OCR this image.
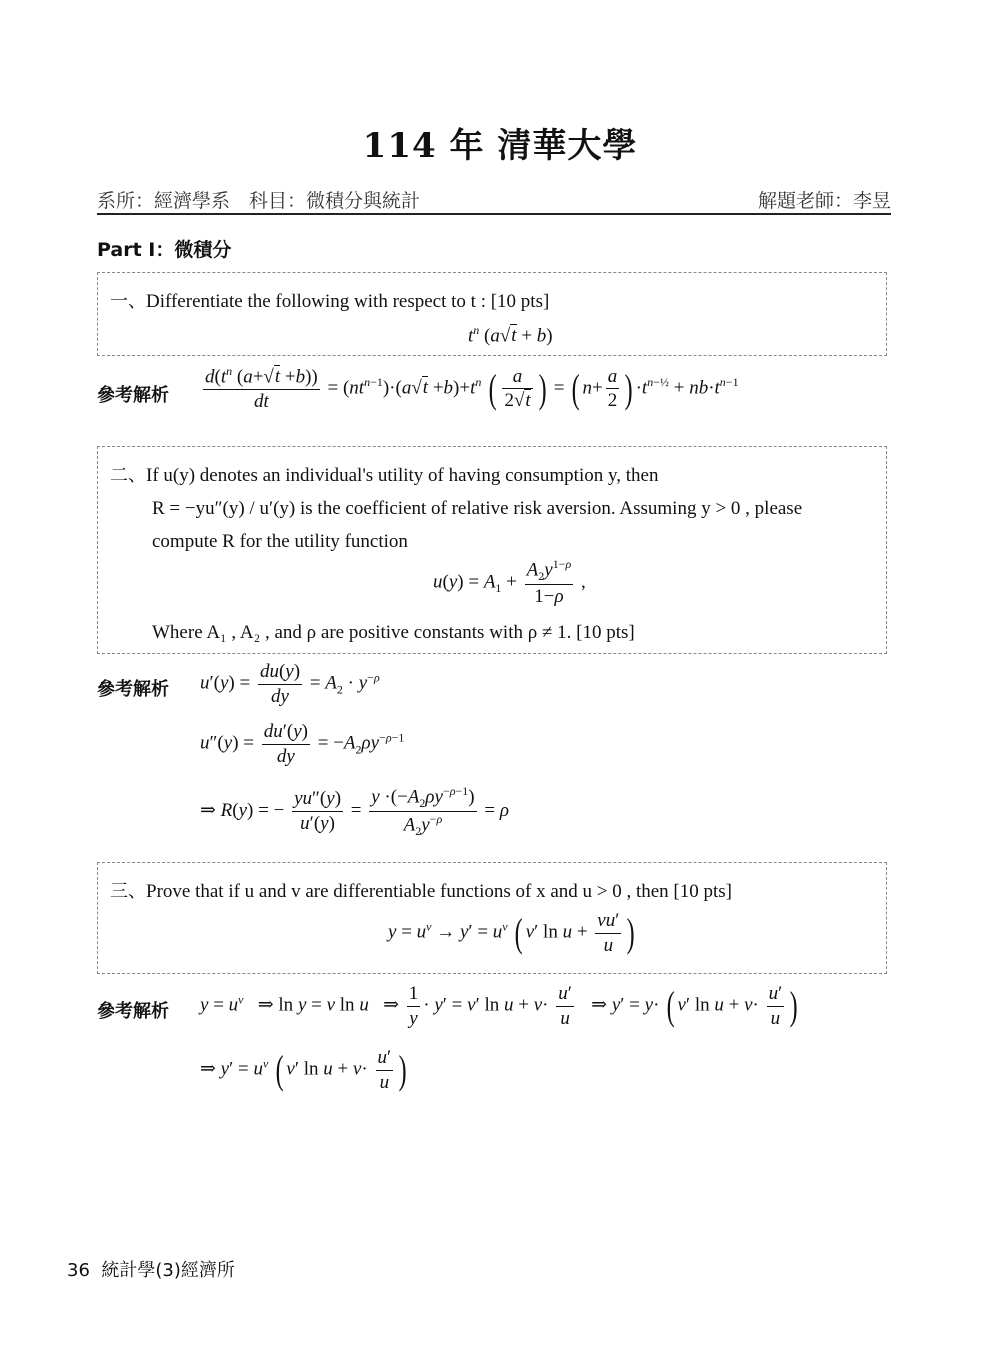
114 年 清華大學
系所：經濟學系　科目：微積分與統計	解題老師：李昱
Part I：微積分
一、Differentiate the following with respect to t : [10 pts]
$t^n$ (a√t + b)
參考解析 $\frac{d(t^n (a+√t +b))}{dt} = (nt^{n-1})\cdot(a√t +b)+t^n$ ( $\frac{a}{2√t}$ ) = ( $n+ \frac{a}{2}$ ) $\cdot t^{n-\frac{1}{2}} + nb\cdot t^{n-1}$
二、If u(y) denotes an individual's utility of having consumption y, then
R = −yu″(y) / u′(y) is the coefficient of relative risk aversion. Assuming y > 0 , please
compute R for the utility function
$u(y) = A_1 + \frac{A_2y^{1-\rho}}{1-\rho}$ ,
Where A₁ , A₂ , and ρ are positive constants with ρ ≠ 1. [10 pts]
參考解析 $u'(y) = \frac{du(y)}{dy} = A_2 \cdot y^{-\rho}$
$u''(y) = \frac{du'(y)}{dy} = -A_2\rho y^{-\rho-1}$
⇒ R(y) = − $\frac{yu''(y)}{u'(y)} = \frac{y \cdot(-A_2\rho y^{-\rho-1})}{A_2y^{-\rho}} = \rho$
三、Prove that if u and v are differentiable functions of x and u > 0 , then [10 pts]
$y = u^v \to y' = u^v$ ( v′ $\ln u + \frac{vu'}{u}$ )
參考解析 $y = u^v$   ⇒ ln y = v ln u   ⇒ $\frac{1}{y} \cdot y' = v'$ $\ln u + v\cdot \frac{u'}{u}$ ⇒ y′ = y· ( v′ $\ln u + v\cdot \frac{u'}{u}$ )
⇒ $y' = u^v$ ( v′ $\ln u + v\cdot \frac{u'}{u}$ )
36 統計學(3)經濟所
